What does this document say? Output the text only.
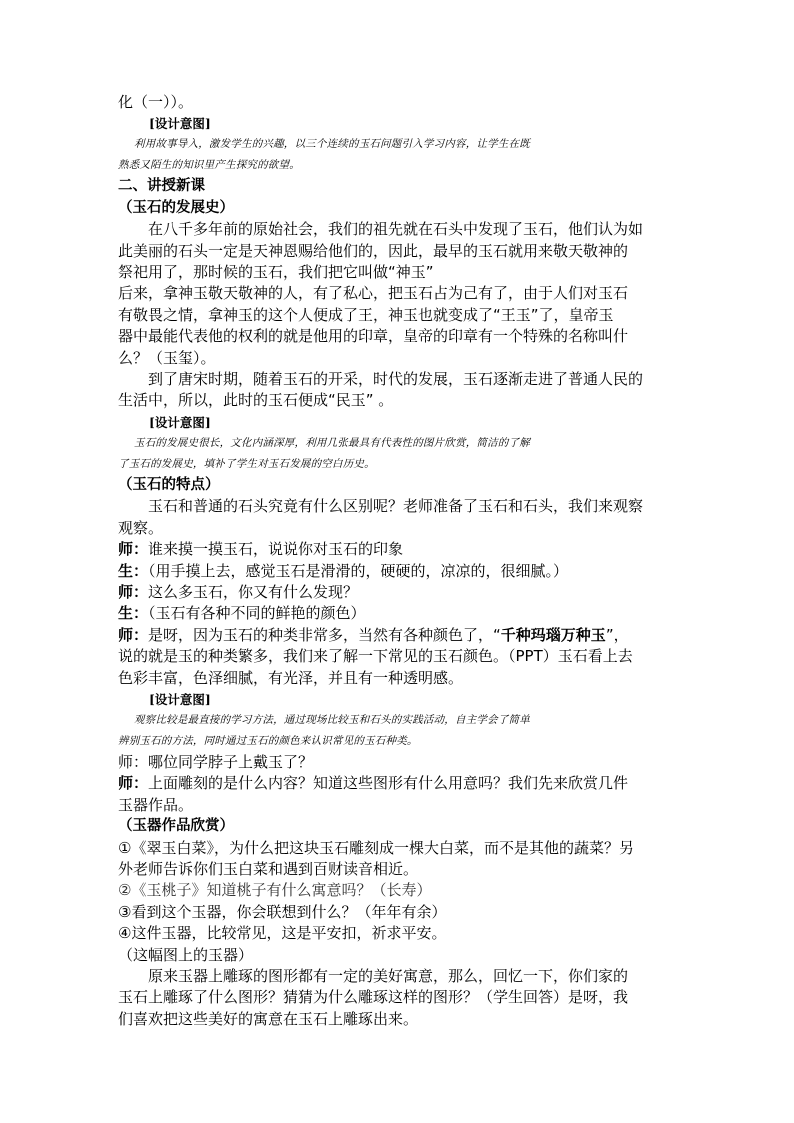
化（一））。

[设计意图]

利用故事导入，激发学生的兴趣，以三个连续的玉石问题引入学习内容，让学生在既

熟悉又陌生的知识里产生探究的欲望。

二、讲授新课

（玉石的发展史）

在八千多年前的原始社会，我们的祖先就在石头中发现了玉石，他们认为如

此美丽的石头一定是天神恩赐给他们的，因此，最早的玉石就用来敬天敬神的

祭祀用了，那时候的玉石，我们把它叫做“神玉”

后来，拿神玉敬天敬神的人，有了私心，把玉石占为己有了，由于人们对玉石

有敬畏之情，拿神玉的这个人便成了王，神玉也就变成了“王玉”了，皇帝玉

器中最能代表他的权利的就是他用的印章，皇帝的印章有一个特殊的名称叫什

么？（玉玺）。

到了唐宋时期，随着玉石的开采，时代的发展，玉石逐渐走进了普通人民的

生活中，所以，此时的玉石便成“民玉” 。

[设计意图]

玉石的发展史很长，文化内涵深厚，利用几张最具有代表性的图片欣赏，简洁的了解

了玉石的发展史，填补了学生对玉石发展的空白历史。

（玉石的特点）

玉石和普通的石头究竟有什么区别呢？老师准备了玉石和石头，我们来观察

观察。

师：谁来摸一摸玉石，说说你对玉石的印象

生：（用手摸上去，感觉玉石是滑滑的，硬硬的，凉凉的，很细腻。）

师：这么多玉石，你又有什么发现？

生：（玉石有各种不同的鲜艳的颜色）

师：是呀，因为玉石的种类非常多，当然有各种颜色了，“千种玛瑙万种玉”，

说的就是玉的种类繁多，我们来了解一下常见的玉石颜色。（PPT）玉石看上去

色彩丰富，色泽细腻，有光泽，并且有一种透明感。

[设计意图]

观察比较是最直接的学习方法，通过现场比较玉和石头的实践活动，自主学会了简单

辨别玉石的方法，同时通过玉石的颜色来认识常见的玉石种类。

师：哪位同学脖子上戴玉了？

师：上面雕刻的是什么内容？知道这些图形有什么用意吗？我们先来欣赏几件

玉器作品。

（玉器作品欣赏）

①《翠玉白菜》，为什么把这块玉石雕刻成一棵大白菜，而不是其他的蔬菜？另

外老师告诉你们玉白菜和遇到百财读音相近。

②《玉桃子》知道桃子有什么寓意吗？（长寿）

③看到这个玉器，你会联想到什么？（年年有余）

④这件玉器，比较常见，这是平安扣，祈求平安。

（这幅图上的玉器）

原来玉器上雕琢的图形都有一定的美好寓意，那么，回忆一下，你们家的

玉石上雕琢了什么图形？猜猜为什么雕琢这样的图形？（学生回答）是呀，我

们喜欢把这些美好的寓意在玉石上雕琢出来。
